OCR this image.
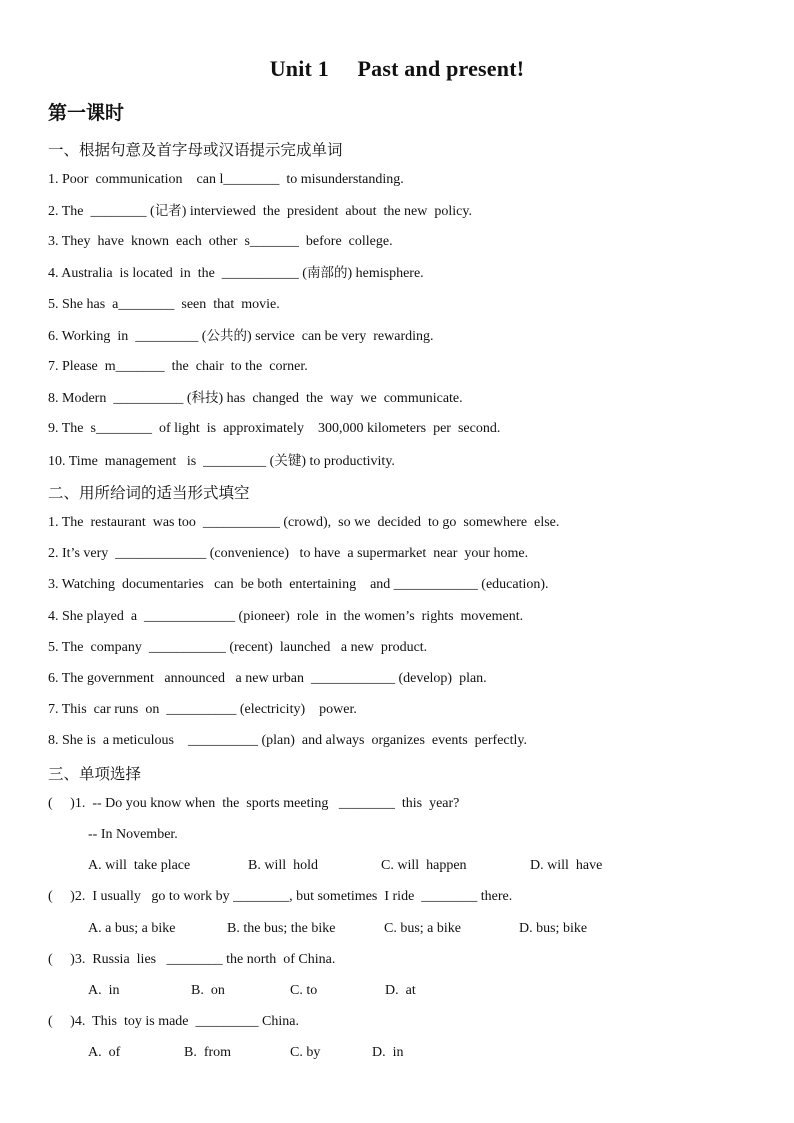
Unit 1 Past and present!
第一课时
一、根据句意及首字母或汉语提示完成单词
1. Poor  communication    can l________  to misunderstanding.
2. The  ________ (记者) interviewed  the  president  about  the new  policy.
3. They  have  known  each  other  s_______  before  college.
4. Australia  is located  in  the  ___________ (南部的) hemisphere.
5. She has  a________  seen  that  movie.
6. Working  in  _________ (公共的) service  can be very  rewarding.
7. Please  m_______  the  chair  to the  corner.
8. Modern  __________ (科技) has  changed  the  way  we  communicate.
9. The  s________  of light  is  approximately    300,000 kilometers  per  second.
10. Time  management   is  _________ (关键) to productivity.
二、用所给词的适当形式填空
1. The  restaurant  was too  ___________ (crowd),  so we  decided  to go  somewhere  else.
2. It’s very  _____________ (convenience)   to have  a supermarket  near  your home.
3. Watching  documentaries   can  be both  entertaining    and ____________ (education).
4. She played  a  _____________ (pioneer)  role  in  the women’s  rights  movement.
5. The  company  ___________ (recent)  launched   a new  product.
6. The government   announced   a new urban  ____________ (develop)  plan.
7. This  car runs  on  __________ (electricity)    power.
8. She is  a meticulous    __________ (plan)  and always  organizes  events  perfectly.
三、单项选择
(     )1.  -- Do you know when  the  sports meeting   ________  this  year?
-- In November.
A. will  take place	B. will  hold	C. will  happen	D. will  have
(     )2.  I usually   go to work by ________, but sometimes  I ride  ________ there.
A. a bus; a bike	B. the bus; the bike	C. bus; a bike	D. bus; bike
(     )3.  Russia  lies   ________ the north  of China.
A.  in	B.  on	C. to	D.  at
(     )4.  This  toy is made  _________ China.
A.  of	B.  from	C. by	D.  in
